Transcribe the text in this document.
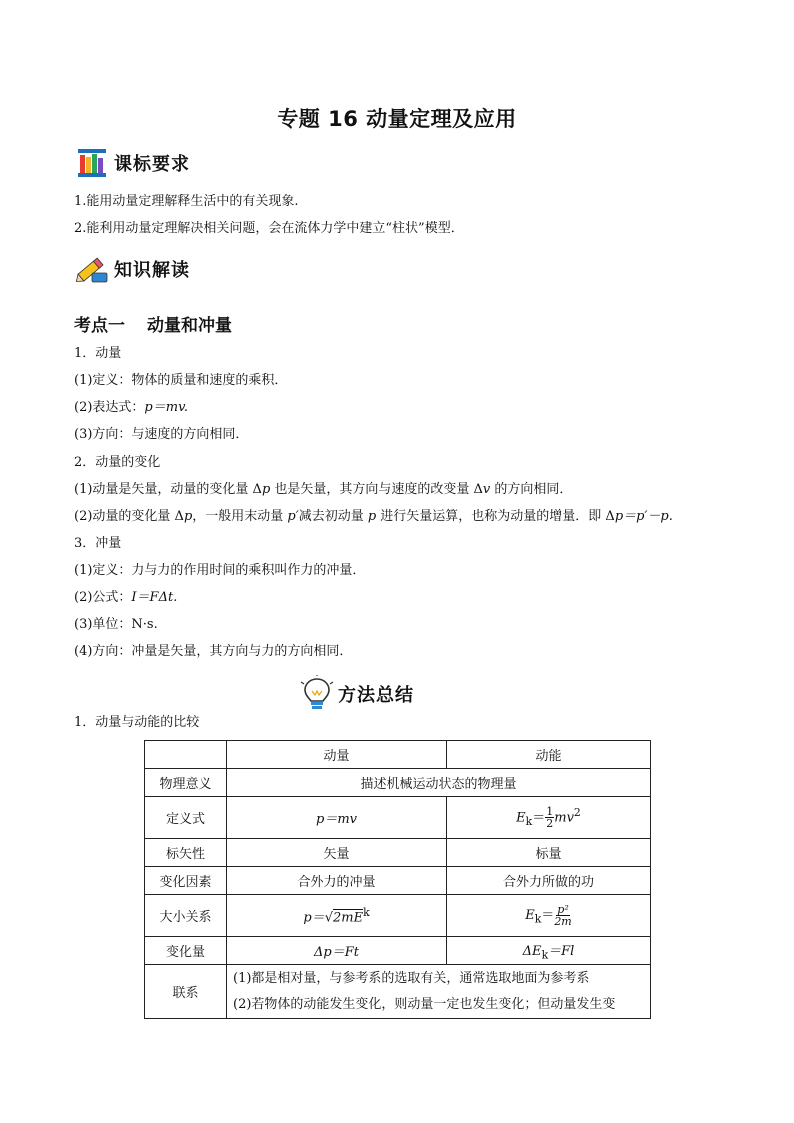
专题 16 动量定理及应用
课标要求
1.能用动量定理解释生活中的有关现象.
2.能利用动量定理解决相关问题，会在流体力学中建立“柱状”模型．
知识解读
考点一 动量和冲量
1．动量
(1)定义：物体的质量和速度的乘积．
(2)表达式：p＝mv.
(3)方向：与速度的方向相同．
2．动量的变化
(1)动量是矢量，动量的变化量 Δp 也是矢量，其方向与速度的改变量 Δv 的方向相同．
(2)动量的变化量 Δp，一般用末动量 p′减去初动量 p 进行矢量运算，也称为动量的增量．即 Δp＝p′－p.
3．冲量
(1)定义：力与力的作用时间的乘积叫作力的冲量．
(2)公式：I＝FΔt.
(3)单位：N·s.
(4)方向：冲量是矢量，其方向与力的方向相同．
方法总结
1．动量与动能的比较
	动量	动能
物理意义	描述机械运动状态的物理量	
定义式	p＝mv	$E_k= \frac{1}{2} mv^2$
标矢性	矢量	标量
变化因素	合外力的冲量	合外力所做的功
大小关系	$p=√2mE^k$	$E_k= \frac{\text{p²}}{2m}$

变化量	Δp＝Ft	$\Delta E_k=Fl$
联系	(1)都是相对量，与参考系的选取有关，通常选取地面为参考系
(2)若物体的动能发生变化，则动量一定也发生变化；但动量发生变	
